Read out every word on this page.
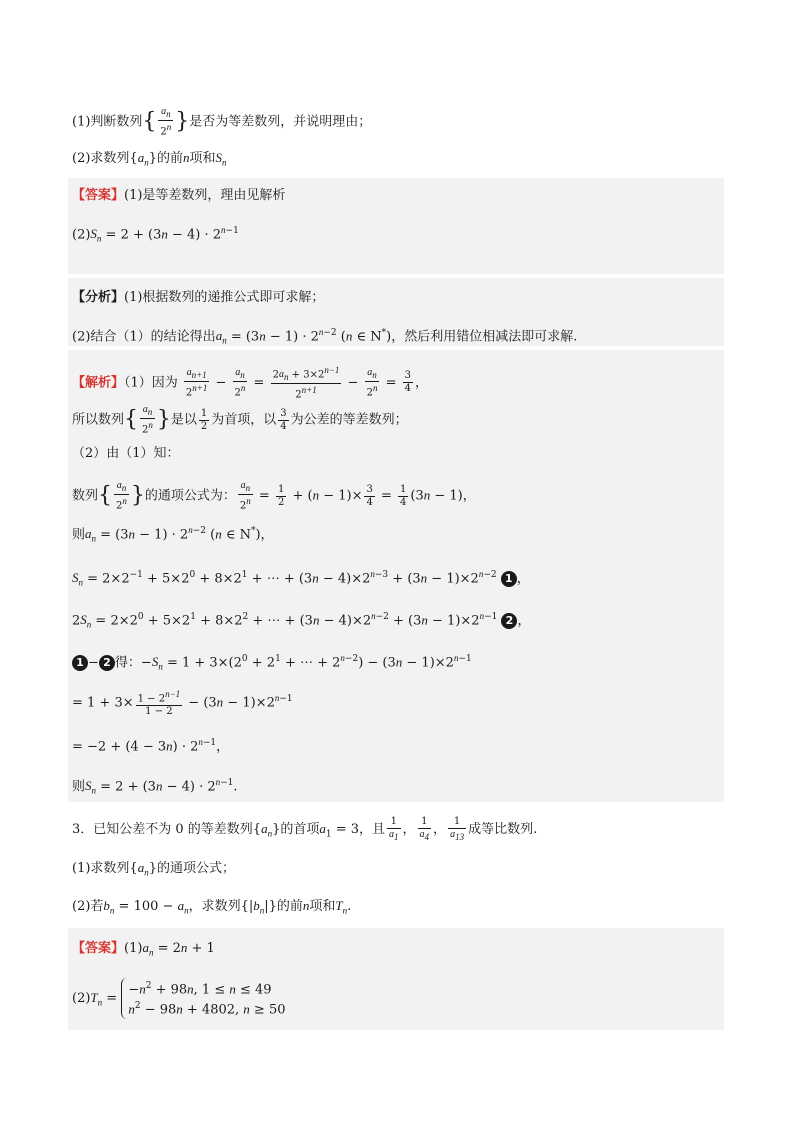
(1)判断数列{ $\frac{a_n}{2^n}$ }是否为等差数列，并说明理由；
(2)求数列$\{a_n\}$的前n项和$S_n$
【答案】(1)是等差数列，理由见解析
$(2)S_n = 2 + (3n - 4) \cdot 2^{n-1}$
【分析】(1)根据数列的递推公式即可求解；
(2)结合（1）的结论得出$a_n = (3n - 1) \cdot 2^{n-2}$ (n ∈ N*)，然后利用错位相减法即可求解.
【解析】（1）因为 $\frac{a_{n+1}}{2^{n+1}} - \frac{a_n}{2^n} = \frac{2a_n + 3\times 2^{n-1}}{2^{n+1}} - \frac{a_n}{2^n} = \frac{3}{4}$ ，
所以数列{ $\frac{a_n}{2^n}$ }是以 $\frac{1}{2}$ 为首项，以 $\frac{3}{4}$ 为公差的等差数列；
（2）由（1）知：
数列{ $\frac{a_n}{2^n}$ }的通项公式为： $\frac{a_n}{2^n} = \frac{1}{2} + (n - 1)\times \frac{3}{4} = \frac{1}{4} (3n - 1)$，
则$a_n = (3n - 1) \cdot 2^{n-2}$ (n ∈ N*)，
$S_n = 2\times 2^{-1} + 5\times 2^0 + 8\times 2^1$ + ⋯ + $(3n - 4)\times 2^{n-3} + (3n - 1)\times 2^{n-2}$ 1 ，
$2S_n = 2\times 2^0 + 5\times 2^1 + 8\times 2^2$ + ⋯ + $(3n - 4)\times 2^{n-2} + (3n - 1)\times 2^{n-1}$ 2 ，
1 − 2 得：$-S_n = 1 + 3\times(2^0 + 2^1$ + ⋯ + $2^{n-2}) - (3n - 1)\times 2^{n-1}$
= $1 + 3\times \frac{1 - 2^{n-1}}{1 - 2} - (3n - 1)\times 2^{n-1}$
= $-2 + (4 - 3n) \cdot 2^{n-1}$，
则$S_n = 2 + (3n - 4) \cdot 2^{n-1}$.
3．已知公差不为 0 的等差数列$\{a_n\}$的首项$a_1 = 3$，且 $\frac{1}{a_1}$ ， $\frac{1}{a_4}$ ， $\frac{1}{a_{13}}$ 成等比数列.
(1)求数列$\{a_n\}$的通项公式；
(2)若$b_n = 100 - a_n$，求数列$\{|b_n|\}$的前n项和$T_n$.
【答案】$(1)a_n = 2n + 1$
$(2)T_n = -n^2 + 98n$, 1 ≤ n ≤ 49
$n^2 - 98n + 4802$, n ≥ 50
